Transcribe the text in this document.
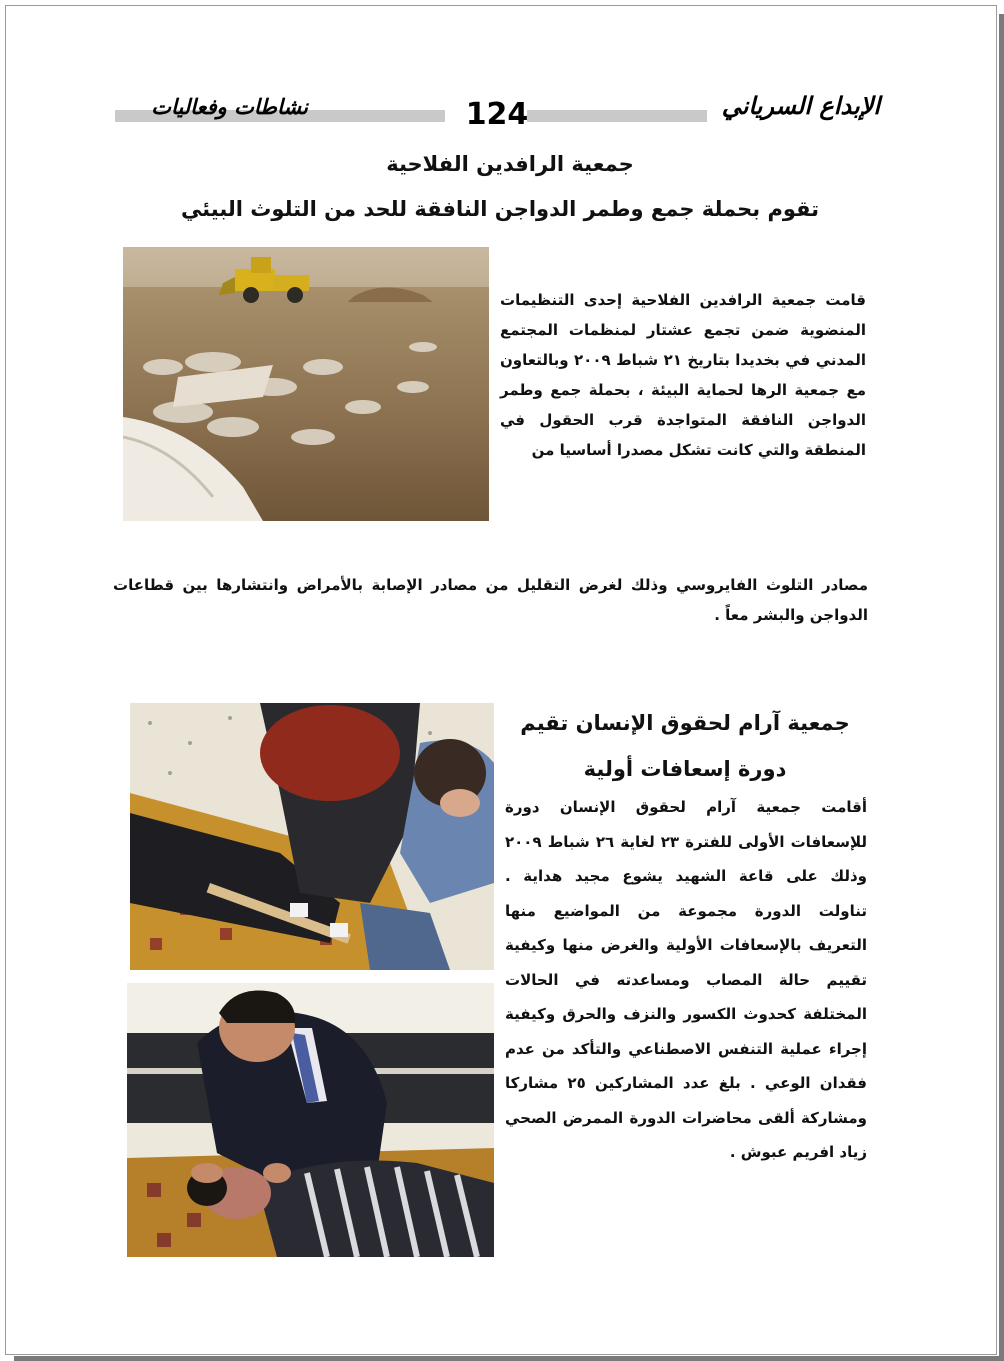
نشاطات وفعاليات	124	الإبداع السرياني
جمعية الرافدين الفلاحية
تقوم بحملة جمع وطمر الدواجن النافقة للحد من التلوث البيئي

قامت جمعية الرافدين الفلاحية إحدى التنظيمات المنضوية ضمن تجمع عشتار لمنظمات المجتمع المدني في بخديدا بتاريخ ٢١ شباط ٢٠٠٩ وبالتعاون مع جمعية الرها لحماية البيئة ، بحملة جمع وطمر الدواجن النافقة المتواجدة قرب الحقول في المنطقة والتي كانت تشكل مصدرا أساسيا من

مصادر التلوث الفايروسي وذلك لغرض التقليل من مصادر الإصابة بالأمراض وانتشارها بين قطاعات الدواجن والبشر معاً .

جمعية آرام لحقوق الإنسان تقيم
دورة إسعافات أولية

أقامت جمعية آرام لحقوق الإنسان دورة للإسعافات الأولى للفترة ٢٣ لغاية ٢٦ شباط ٢٠٠٩ وذلك على قاعة الشهيد يشوع مجيد هداية . تناولت الدورة مجموعة من المواضيع منها التعريف بالإسعافات الأولية والغرض منها وكيفية تقييم حالة المصاب ومساعدته في الحالات المختلفة كحدوث الكسور والنزف والحرق وكيفية إجراء عملية التنفس الاصطناعي والتأكد من عدم فقدان الوعي . بلغ عدد المشاركين ٢٥ مشاركا ومشاركة ألقى محاضرات الدورة الممرض الصحي زياد افريم عبوش .
